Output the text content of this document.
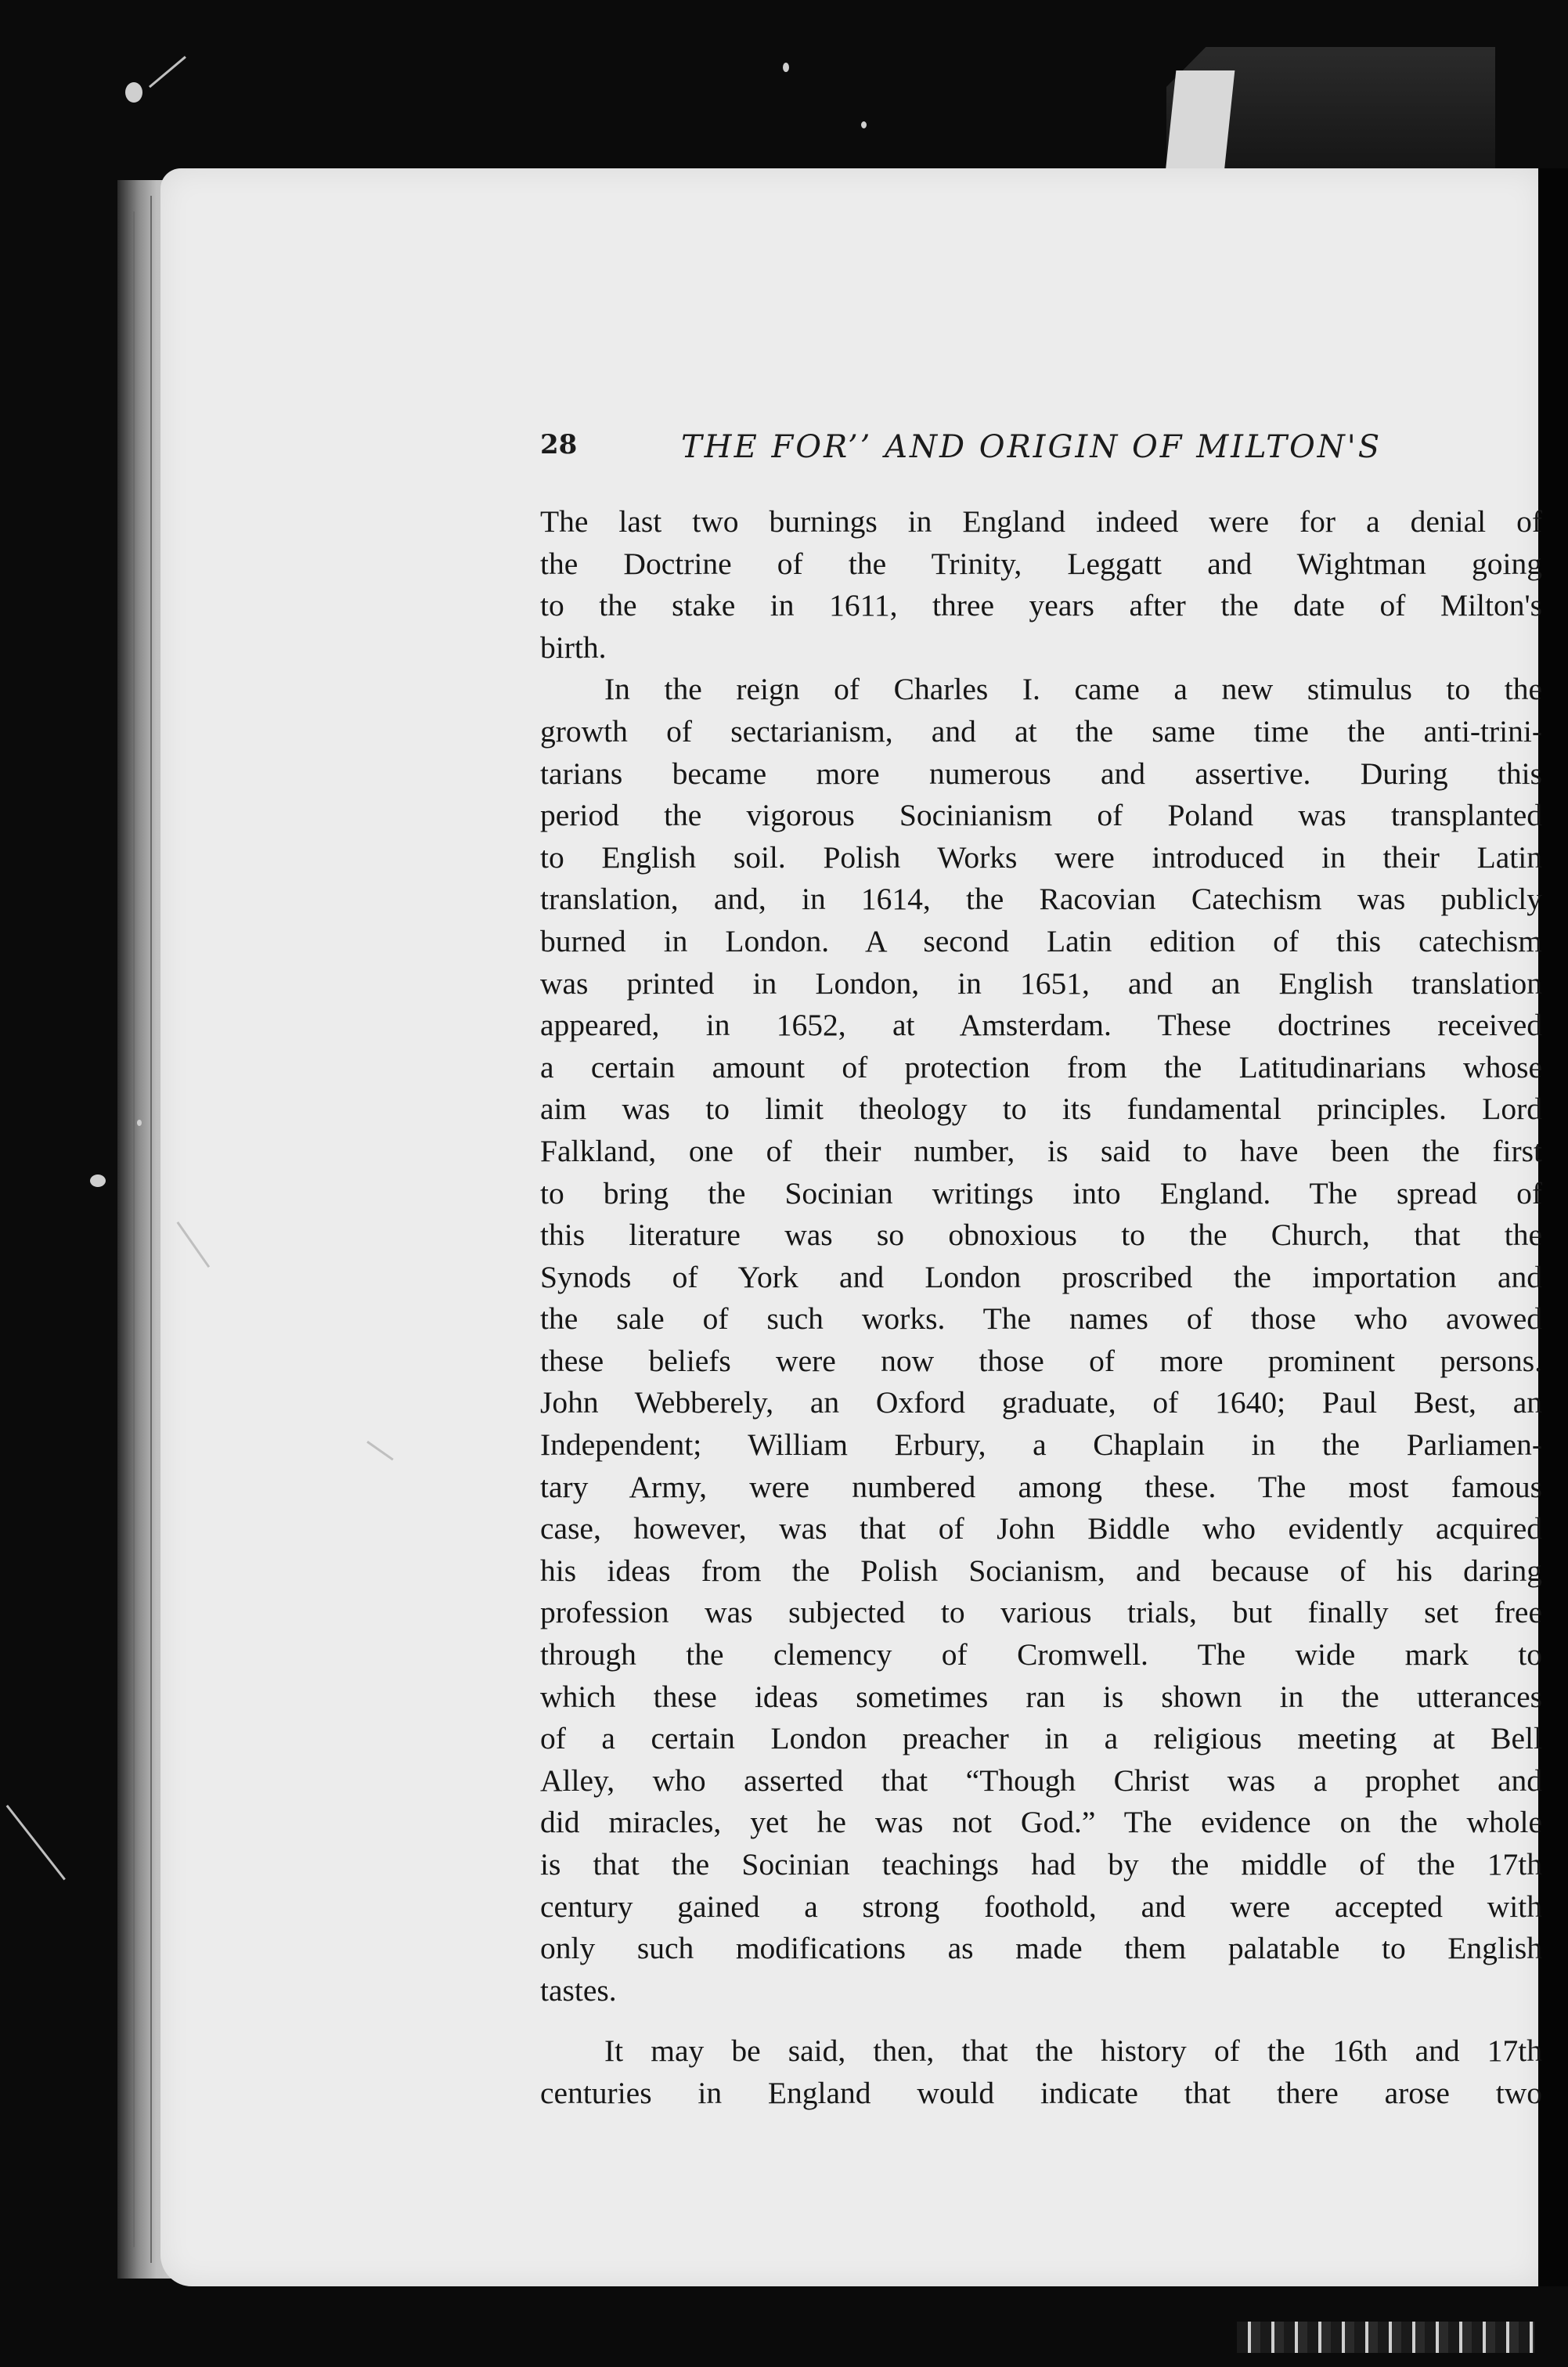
28	THE FOR’’ AND ORIGIN OF MILTON'S
The last two burnings in England indeed were for a denial of
the Doctrine of the Trinity, Leggatt and Wightman going
to the stake in 1611, three years after the date of Milton's
birth.
In the reign of Charles I. came a new stimulus to the
growth of sectarianism, and at the same time the anti-trini-
tarians became more numerous and assertive. During this
period the vigorous Socinianism of Poland was transplanted
to English soil. Polish Works were introduced in their Latin
translation, and, in 1614, the Racovian Catechism was publicly
burned in London. A second Latin edition of this catechism
was printed in London, in 1651, and an English translation
appeared, in 1652, at Amsterdam. These doctrines received
a certain amount of protection from the Latitudinarians whose
aim was to limit theology to its fundamental principles. Lord
Falkland, one of their number, is said to have been the first
to bring the Socinian writings into England. The spread of
this literature was so obnoxious to the Church, that the
Synods of York and London proscribed the importation and
the sale of such works. The names of those who avowed
these beliefs were now those of more prominent persons.
John Webberely, an Oxford graduate, of 1640; Paul Best, an
Independent; William Erbury, a Chaplain in the Parliamen-
tary Army, were numbered among these. The most famous
case, however, was that of John Biddle who evidently acquired
his ideas from the Polish Socianism, and because of his daring
profession was subjected to various trials, but finally set free
through the clemency of Cromwell. The wide mark to
which these ideas sometimes ran is shown in the utterances
of a certain London preacher in a religious meeting at Bell
Alley, who asserted that “Though Christ was a prophet and
did miracles, yet he was not God.” The evidence on the whole
is that the Socinian teachings had by the middle of the 17th
century gained a strong foothold, and were accepted with
only such modifications as made them palatable to English
tastes.
It may be said, then, that the history of the 16th and 17th
centuries in England would indicate that there arose two
